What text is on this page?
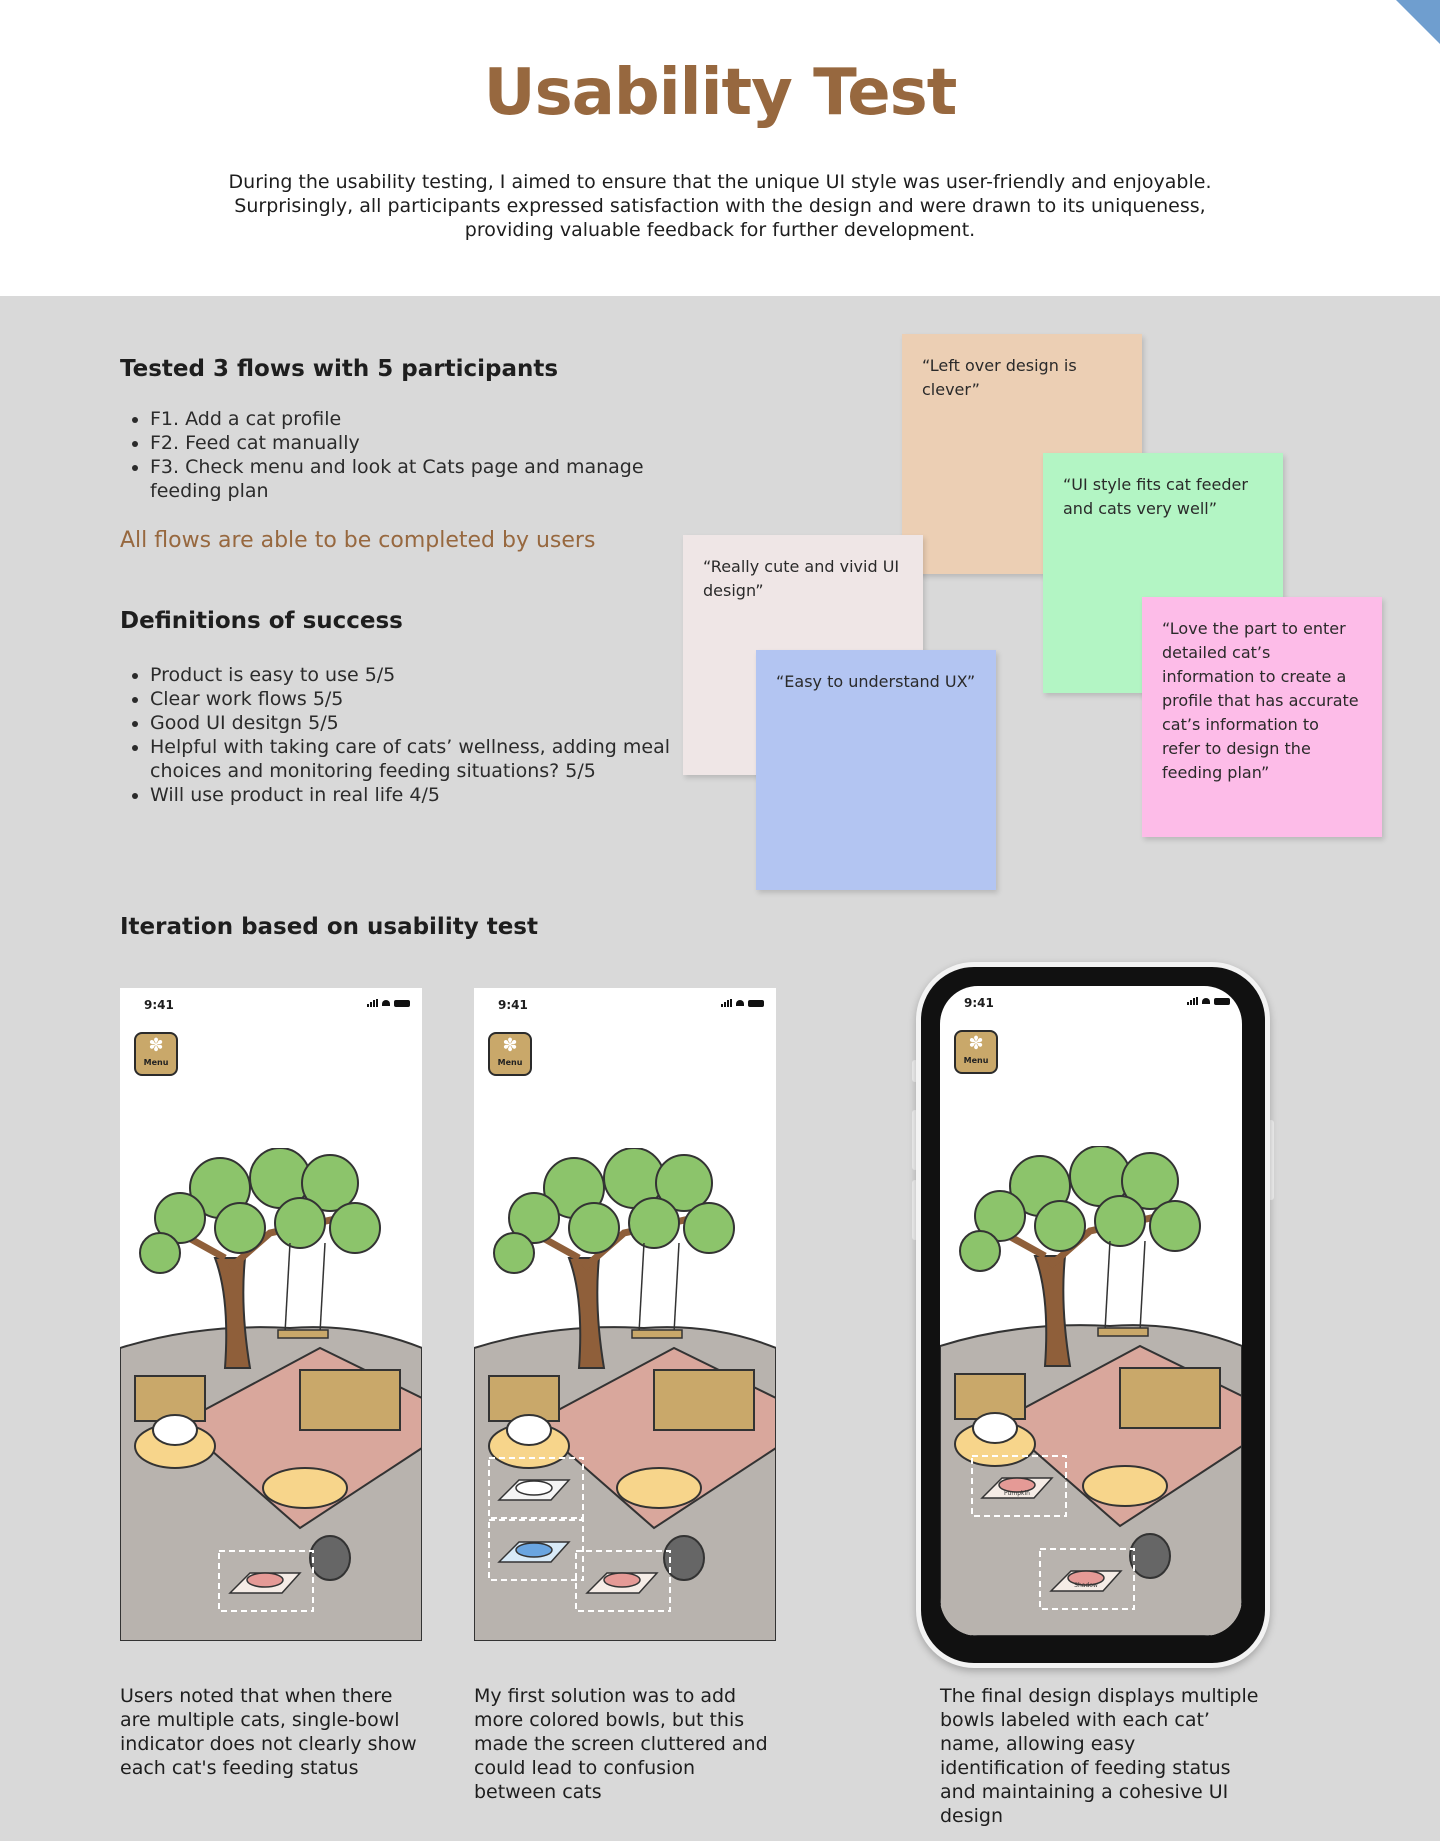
Usability Test

During the usability testing, I aimed to ensure that the unique UI style was user-friendly and enjoyable.

Surprisingly, all participants expressed satisfaction with the design and were drawn to its uniqueness,

providing valuable feedback for further development.

Tested 3 flows with 5 participants
• F1. Add a cat profile
• F2. Feed cat manually
• F3. Check menu and look at Cats page and manage feeding plan

All flows are able to be completed by users

Definitions of success
• Product is easy to use 5/5
• Clear work flows 5/5
• Good UI desitgn 5/5
• Helpful with taking care of cats’ wellness, adding meal choices and monitoring feeding situations? 5/5
• Will use product in real life 4/5
“Left over design is clever”
“UI style fits cat feeder and cats very well”
“Really cute and vivid UI design”
“Easy to understand UX”
“Love the part to enter detailed cat’s information to create a profile that has accurate cat’s information to refer to design the feeding plan”
Iteration based on usability test
9:41
✽
Menu

Users noted that when there are multiple cats, single-bowl indicator does not clearly show each cat's feeding status

9:41
✽
Menu

My first solution was to add more colored bowls, but this made the screen cluttered and could lead to confusion between cats

9:41
✽
Menu
Pumpkin
Shadow

The final design displays multiple bowls labeled with each cat’ name, allowing easy identification of feeding status and maintaining a cohesive UI design
